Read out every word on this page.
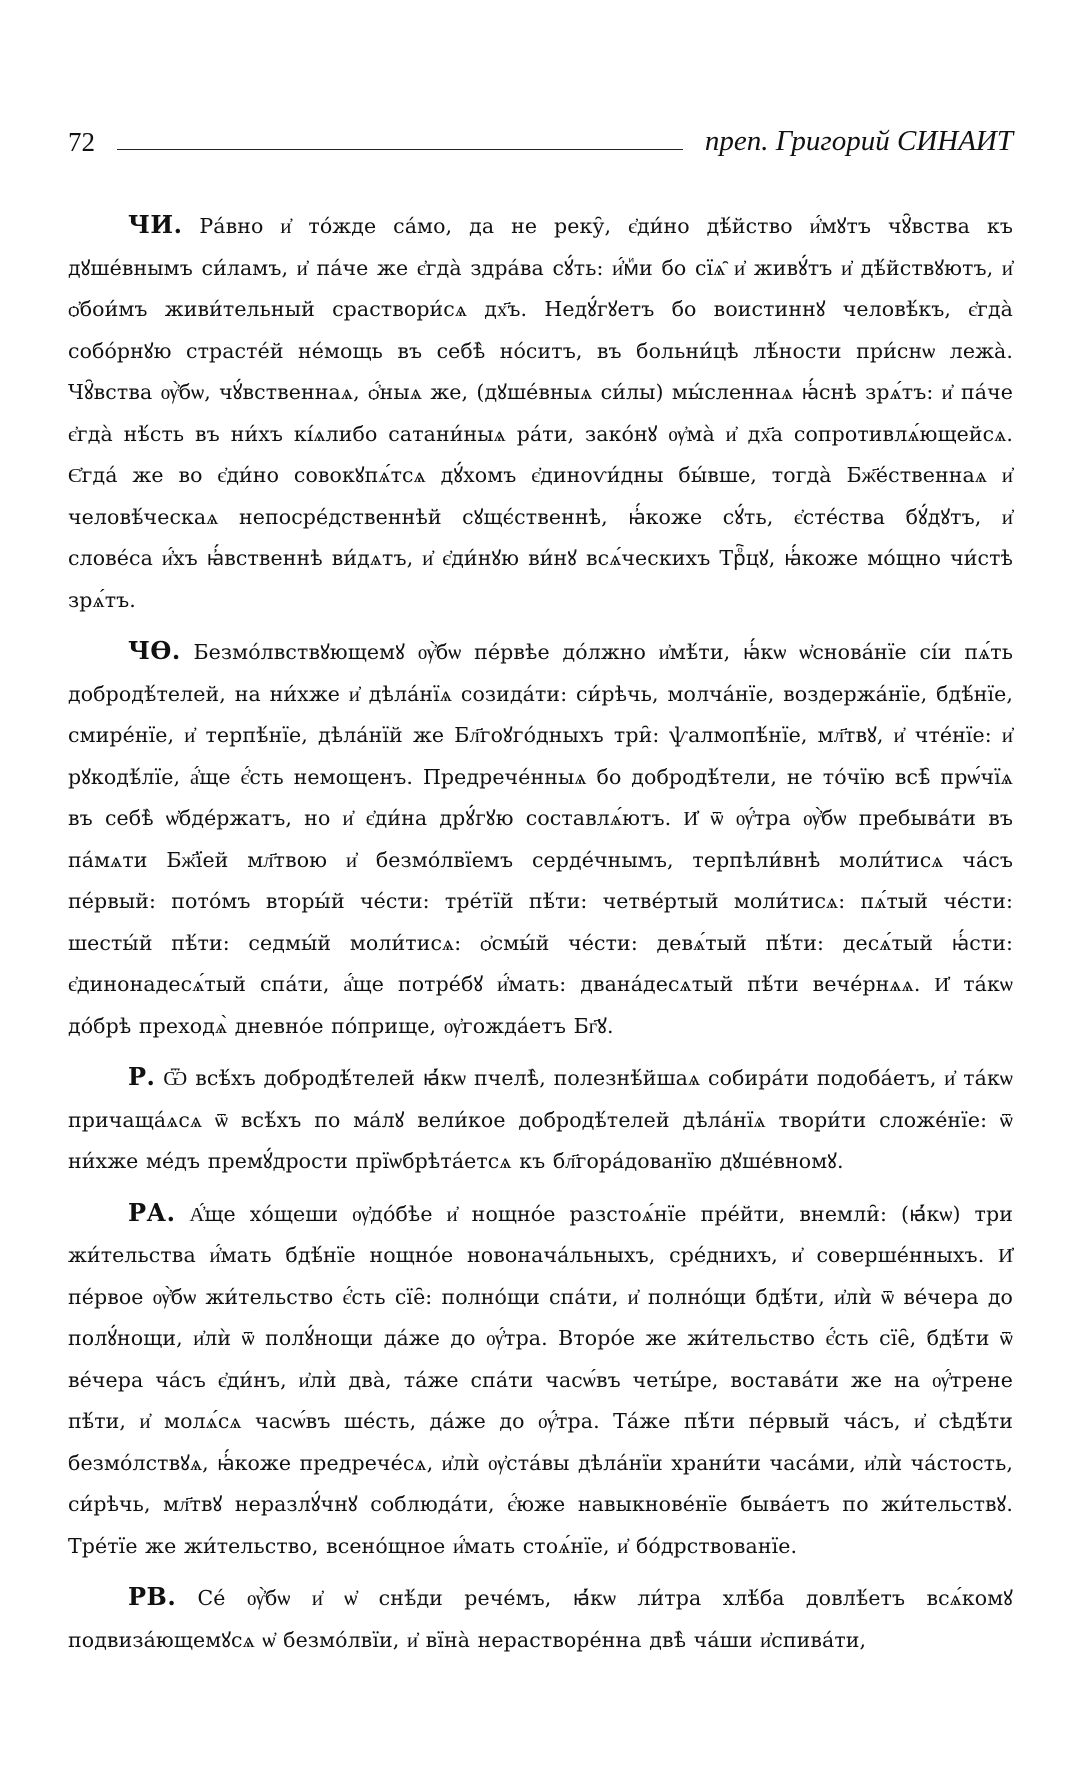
72	преп. Григорий СИНАИТ

ЧИ. Ра́вно и҆ то́жде са́мо, да не реку̑, є҆ди́но дѣ́йство и҆́мꙋтъ чꙋ̑вства къ дꙋше́внымъ си́ламъ, и҆ па́че же є҆гда̀ здра́ва сꙋ́ть: и҆́мꙵи бо сїѧ̑ и҆ живꙋ́тъ и҆ дѣ́йствꙋютъ, и҆ ѻ҆бои́мъ живи́тельный сраствори́сѧ дх҃ъ. Недꙋ́гꙋетъ бо воистиннꙋ человѣ́къ, є҆гда̀ собо́рнꙋю страсте́й не́мощь въ себѣ̀ но́ситъ, въ больни́цѣ лѣ́ности при́снѡ лежа̀. Чꙋ̑вства ѹ҆̀бѡ, чꙋ́вственнаѧ, ѻ҆́ныѧ же, (дꙋше́вныѧ си́лы) мы́сленнаѧ ꙗ҆́снѣ зрѧ́тъ: и҆ па́че є҆гда̀ нѣ́сть въ ни́хъ кі́ѧлибо сатани́ныѧ ра́ти, зако́нꙋ ѹ҆ма̀ и҆ дх҃а сопротивлѧ́ющейсѧ. Є҆гда́ же во є҆ди́но совокꙋпѧ́тсѧ дꙋ́хомъ є҆диноѵи́дны бы́вше, тогда̀ Бж҃е́ственнаѧ и҆ человѣ́ческаѧ непосре́дственнѣй сꙋщє́ственнѣ, ꙗ҆́коже сꙋ́ть, є҆сте́ства бꙋ́дꙋтъ, и҆ слове́са и҆́хъ ꙗ҆́вственнѣ ви́дѧтъ, и҆ є҆ди́нꙋю ви́нꙋ всѧ́ческихъ Трⷪ҇цꙋ, ꙗ҆́коже мо́щно чи́стѣ зрѧ́тъ.

ЧѲ. Безмо́лвствꙋющемꙋ ѹ҆̀бѡ пе́рвѣе до́лжно и҆мѣ́ти, ꙗ҆́кѡ ѡ҆снова́нїе сі́и пѧ́ть добродѣ́телей, на ни́хже и҆ дѣла́нїѧ созида́ти: си́рѣчь, молча́нїе, воздержа́нїе, бдѣ́нїе, смире́нїе, и҆ терпѣ́нїе, дѣла́нїй же Бл҃гоꙋго́дныхъ три̑: ѱалмопѣ́нїе, мл҃твꙋ, и҆ чте́нїе: и҆ рꙋкодѣ́лїе, а҆́ще є҆́сть немощенъ. Предрече́нныѧ бо добродѣ́тели, не то́чїю всѣ̑ прѡ́чїѧ въ себѣ̀ ѡ҆бде́ржатъ, но и҆ є҆ди́на дрꙋ́гꙋю составлѧ́ютъ. И҆ ѿ ѹ҆́тра ѹ҆̀бѡ пребыва́ти въ па́мѧти Бж҃їей мл҃твою и҆ безмо́лвїемъ серде́чнымъ, терпѣли́внѣ моли́тисѧ ча́съ пе́рвый: пото́мъ вторы́й че́сти: тре́тїй пѣ́ти: четве́ртый моли́тисѧ: пѧ́тый че́сти: шесты́й пѣ́ти: седмы́й моли́тисѧ: ѻ҆смы́й че́сти: девѧ́тый пѣ́ти: десѧ́тый ꙗ҆́сти: є҆динонадесѧ́тый спа́ти, а҆́ще потре́бꙋ и҆́мать: двана́десѧтый пѣ́ти вече́рнѧѧ. И҆ та́кѡ до́брѣ преходѧ̀ дневно́е по́прище, ѹ҆гожда́етъ Бг҃ꙋ.

Р. Ѿ всѣ́хъ добродѣ́телей ꙗ҆́кѡ пчелѣ̀, полезнѣ́йшаѧ собира́ти подоба́етъ, и҆ та́кѡ причаща́ѧсѧ ѿ всѣ́хъ по ма́лꙋ вели́кое добродѣ́телей дѣла́нїѧ твори́ти сложе́нїе: ѿ ни́хже ме́дъ премꙋ́дрости прїѡбрѣта́етсѧ къ бл҃гора́дованїю дꙋше́вномꙋ.

РА. А҆́ще хо́щеши ѹ҆до́бѣе и҆ нощно́е разстоѧ́нїе пре́йти, внемли̑: (ꙗ҆́кѡ) три жи́тельства и҆́мать бдѣ́нїе нощно́е новонача́льныхъ, сре́днихъ, и҆ соверше́нныхъ. И҆ пе́рвое ѹ҆̀бѡ жи́тельство є҆́сть сїе̑: полно́щи спа́ти, и҆ полно́щи бдѣ́ти, и҆лѝ ѿ ве́чера до полꙋ́нощи, и҆лѝ ѿ полꙋ́нощи да́же до ѹ҆́тра. Второ́е же жи́тельство є҆́сть сїе̑, бдѣ́ти ѿ ве́чера ча́съ є҆ди́нъ, и҆лѝ два̀, та́же спа́ти часѡ́въ четы́ре, воставáти же на ѹ҆́трене пѣ́ти, и҆ молѧ́сѧ часѡ́въ ше́сть, да́же до ѹ҆́тра. Та́же пѣ́ти пе́рвый ча́съ, и҆ сѣдѣ́ти безмо́лствꙋѧ, ꙗ҆́коже предрече́сѧ, и҆лѝ ѹ҆ста́вы дѣла́нїи храни́ти часа́ми, и҆лѝ ча́стость, си́рѣчь, мл҃твꙋ неразлꙋ́чнꙋ соблюда́ти, є҆́юже навыкнове́нїе быва́етъ по жи́тельствꙋ. Тре́тїе же жи́тельство, всено́щное и҆́мать стоѧ́нїе, и҆ бо́дрствованїе.

РВ. Се́ ѹ҆̀бѡ и҆ ѡ҆ снѣ́ди рече́мъ, ꙗ҆́кѡ ли́тра хлѣ́ба довлѣ́етъ всѧ́комꙋ подвиза́ющемꙋсѧ ѡ҆ безмо́лвїи, и҆ вїна̀ нерастворе́нна двѣ̀ ча́ши и҆спива́ти,
